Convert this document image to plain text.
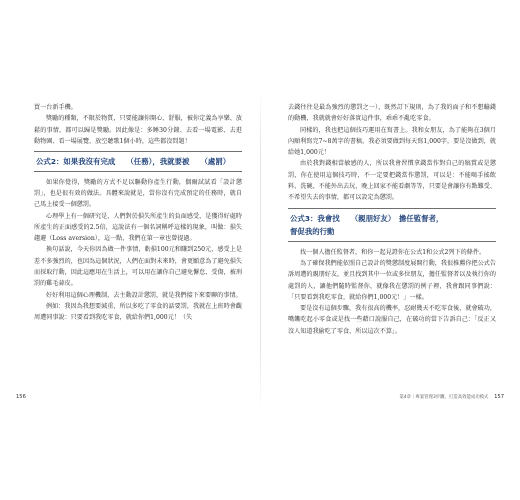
買一台新手機。

獎勵的種類，不限於物質，只要能讓你開心、舒服，被你定義為享樂、放鬆的事情，都可以歸是獎勵。因此像是：多睡30分鐘、去看一場電影、去逛動物園、看一場展覽、放空聽歌1個小時，這些都沒問題！

公式2：如果我沒有完成　　（任務），我就要被　　（處罰）

如果你覺得，獎勵的方式不足以驅動你產生行動，偶爾試試看「設計懲罰」，也是很有效的做法。具體來說就是，當你沒有完成預定的任務時，就自己馬上接受一個懲罰。

心理學上有一個研究是，人們對於損失所產生的負面感受，是獲得好處時所產生的正面感受的2.5倍，這說法有一個名詞稱呼這樣的現象，叫做：損失趨避（Loss aversion），這一點，我們在第一章也曾提過。

換句話說，今天你因為做一件事情，虧損100元和賺到250元，感受上是差不多強烈的，也因為這個狀況，人們在面對未來時，會更願意為了避免損失而採取行動，因此這應用在生活上，可以用在讓你自己避免懈怠、受傷，被刑罰的雞毛蒜皮。

好好利用這個心理機制，去主動設計懲罰，就是我們接下來要聊的事情。

例如：我因為我想要減重，所以多吃了零食的話要罰，我就在上班時會觀周遭同事說：只要看到我吃零食，就給你們1,000元！（失

去錢往往是最為強烈的懲罰之一），既然訂下規則，為了我的面子和不想輸錢的動機，我就就會好好落實這件事，乖乖不亂吃零食。

同樣的，我也把這個技巧運用在寫書上。我和女朋友，為了能夠在3個月內順利寫完7~8萬字的書稿，我必須要做到每天寫1,000字，要是沒做到，就給她1,000元！

由於我對錢相當敏感的人，所以我會習慣拿錢當作對自己的犒賞或是懲罰，你在使用這個技巧時，不一定要把錢當作懲罰，可以是：不能喝手搖飲料、洗碗、不能外出去玩、晚上回家不能看劇等等，只要是會讓你有點難受、不希望失去的事情，都可以設定為懲罰。

公式3：我會找　　（親朋好友）　擔任監督者，
督促我的行動

找一個人擔任監督者，和你一起見證你在公式1和公式2列下的條件。

為了確保我們能依照自己設計的獎懲制度展開行動，我很推薦你把公式告訴周遭的親朋好友，並且找到其中一位或多位朋友，擔任監督者以及執行你的處罰的人，讓他們隨時監督你，就像我在懲罰的例子裡，我會跟同事們說：「只要看到我吃零食，就給你們1,000元！」一樣。

要是沒有這個步驟，我有很高的機率，忍耐幾天不吃零食後，就會破功，嘴饞吃起小零食或是找一些藉口說服自己，在破功的當下告訴自己：「反正又沒人知道我偷吃了零食，所以這次不算」。

156	第4章｜專案管理3步驟，打造高效能成功模式 157
